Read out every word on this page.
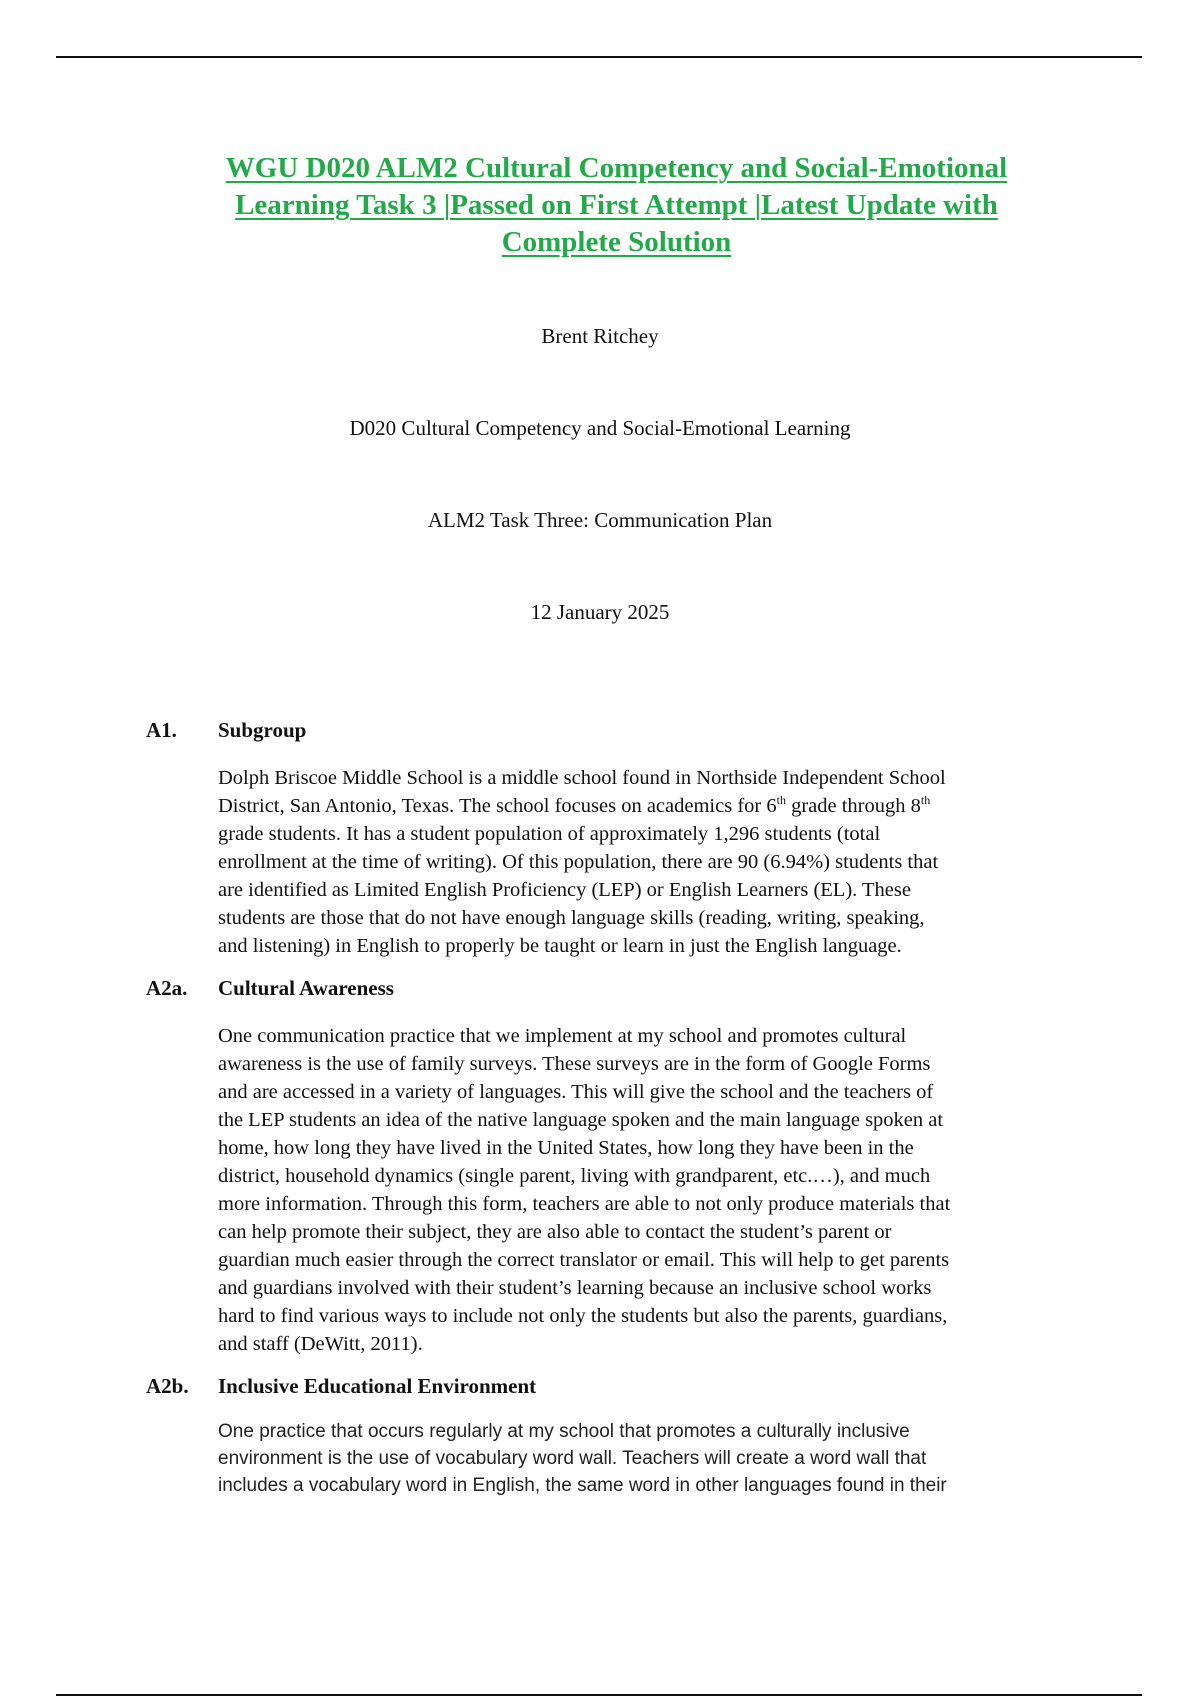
WGU D020 ALM2 Cultural Competency and Social-Emotional
Learning Task 3 |Passed on First Attempt |Latest Update with
Complete Solution
Brent Ritchey
D020 Cultural Competency and Social-Emotional Learning
ALM2 Task Three: Communication Plan
12 January 2025
A1. Subgroup
Dolph Briscoe Middle School is a middle school found in Northside Independent School
District, San Antonio, Texas. The school focuses on academics for 6th grade through 8th
grade students. It has a student population of approximately 1,296 students (total
enrollment at the time of writing). Of this population, there are 90 (6.94%) students that
are identified as Limited English Proficiency (LEP) or English Learners (EL). These
students are those that do not have enough language skills (reading, writing, speaking,
and listening) in English to properly be taught or learn in just the English language.
A2a. Cultural Awareness
One communication practice that we implement at my school and promotes cultural
awareness is the use of family surveys. These surveys are in the form of Google Forms
and are accessed in a variety of languages. This will give the school and the teachers of
the LEP students an idea of the native language spoken and the main language spoken at
home, how long they have lived in the United States, how long they have been in the
district, household dynamics (single parent, living with grandparent, etc.…), and much
more information. Through this form, teachers are able to not only produce materials that
can help promote their subject, they are also able to contact the student’s parent or
guardian much easier through the correct translator or email. This will help to get parents
and guardians involved with their student’s learning because an inclusive school works
hard to find various ways to include not only the students but also the parents, guardians,
and staff (DeWitt, 2011).
A2b. Inclusive Educational Environment
One practice that occurs regularly at my school that promotes a culturally inclusive
environment is the use of vocabulary word wall. Teachers will create a word wall that
includes a vocabulary word in English, the same word in other languages found in their
